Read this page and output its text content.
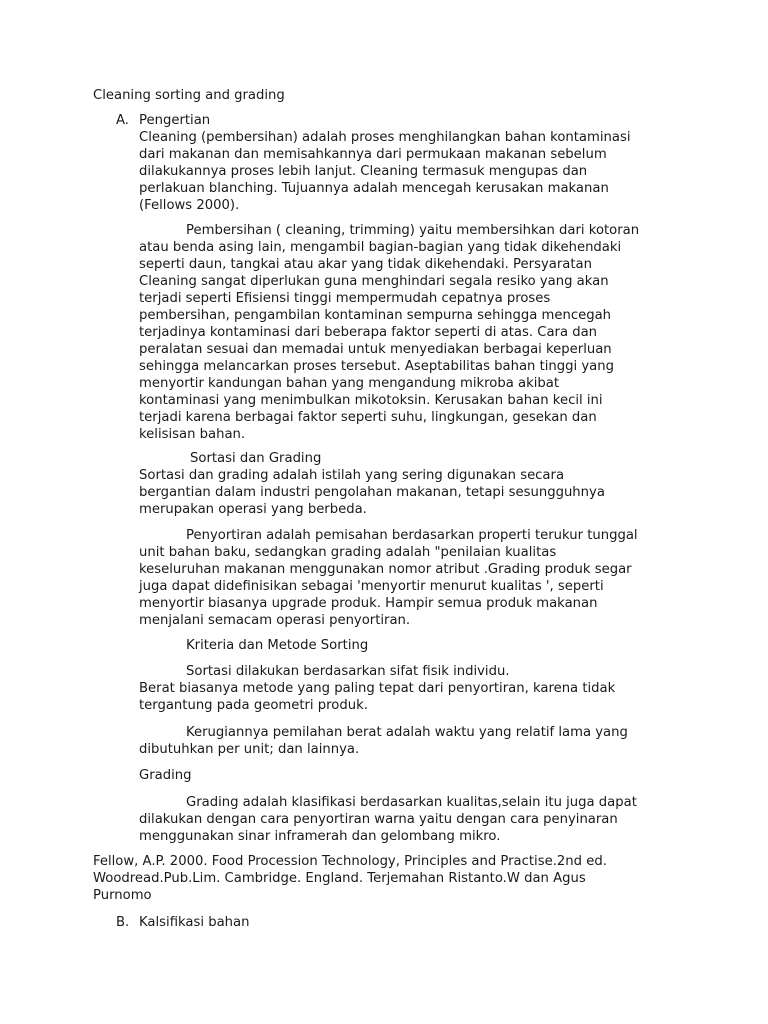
Cleaning sorting and grading
A. Pengertian

Cleaning (pembersihan) adalah proses menghilangkan bahan kontaminasi

dari makanan dan memisahkannya dari permukaan makanan sebelum

dilakukannya proses lebih lanjut. Cleaning termasuk mengupas dan

perlakuan blanching. Tujuannya adalah mencegah kerusakan makanan

(Fellows 2000).

Pembersihan ( cleaning, trimming) yaitu membersihkan dari kotoran

atau benda asing lain, mengambil bagian-bagian yang tidak dikehendaki

seperti daun, tangkai atau akar yang tidak dikehendaki. Persyaratan

Cleaning sangat diperlukan guna menghindari segala resiko yang akan

terjadi seperti Efisiensi tinggi mempermudah cepatnya proses

pembersihan, pengambilan kontaminan sempurna sehingga mencegah

terjadinya kontaminasi dari beberapa faktor seperti di atas. Cara dan

peralatan sesuai dan memadai untuk menyediakan berbagai keperluan

sehingga melancarkan proses tersebut. Aseptabilitas bahan tinggi yang

menyortir kandungan bahan yang mengandung mikroba akibat

kontaminasi yang menimbulkan mikotoksin. Kerusakan bahan kecil ini

terjadi karena berbagai faktor seperti suhu, lingkungan, gesekan dan

kelisisan bahan.

Sortasi dan Grading

Sortasi dan grading adalah istilah yang sering digunakan secara

bergantian dalam industri pengolahan makanan, tetapi sesungguhnya

merupakan operasi yang berbeda.

Penyortiran adalah pemisahan berdasarkan properti terukur tunggal

unit bahan baku, sedangkan grading adalah "penilaian kualitas

keseluruhan makanan menggunakan nomor atribut .Grading produk segar

juga dapat didefinisikan sebagai 'menyortir menurut kualitas ', seperti

menyortir biasanya upgrade produk. Hampir semua produk makanan

menjalani semacam operasi penyortiran.

Kriteria dan Metode Sorting

Sortasi dilakukan berdasarkan sifat fisik individu.

Berat biasanya metode yang paling tepat dari penyortiran, karena tidak

tergantung pada geometri produk.

Kerugiannya pemilahan berat adalah waktu yang relatif lama yang

dibutuhkan per unit; dan lainnya.

Grading

Grading adalah klasifikasi berdasarkan kualitas,selain itu juga dapat

dilakukan dengan cara penyortiran warna yaitu dengan cara penyinaran

menggunakan sinar inframerah dan gelombang mikro.

Fellow, A.P. 2000. Food Procession Technology, Principles and Practise.2nd ed.

Woodread.Pub.Lim. Cambridge. England. Terjemahan Ristanto.W dan Agus

Purnomo

B. Kalsifikasi bahan
